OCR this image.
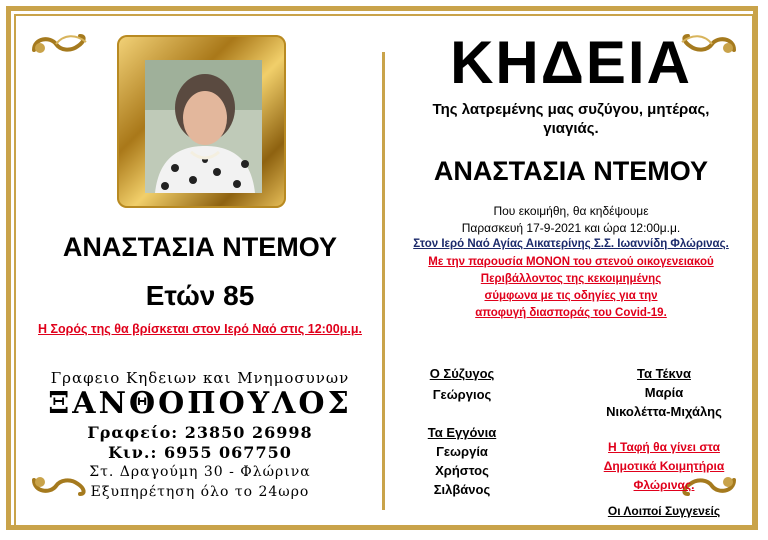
ΑΝΑΣΤΑΣΙΑ ΝΤΕΜΟΥ
Ετών 85
Η Σορός της θα βρίσκεται στον Ιερό Ναό στις 12:00μ.μ.
Γραφειο Κηδειων και Μνημοσυνων
ΞΑΝΘΟΠΟΥΛΟΣ
Γραφείο: 23850 26998
Κιν.: 6955 067750
Στ. Δραγούμη 30 - Φλώρινα
Εξυπηρέτηση όλο το 24ωρο
ΚΗΔΕΙΑ
Της λατρεμένης μας συζύγου, μητέρας,
γιαγιάς.
ΑΝΑΣΤΑΣΙΑ ΝΤΕΜΟΥ
Που εκοιμήθη, θα κηδέψουμε
Παρασκευή 17-9-2021 και ώρα 12:00μ.μ.
Στον Ιερό Ναό Αγίας Αικατερίνης Σ.Σ. Ιωαννίδη Φλώρινας.
Με την παρουσία ΜΟΝΟΝ του στενού οικογενειακού
Περιβάλλοντος της κεκοιμημένης
σύμφωνα με τις οδηγίες για την
αποφυγή διασποράς του Covid-19.
Ο Σύζυγος
Γεώργιος
Τα Εγγόνια
Γεωργία
Χρήστος
Σιλβάνος
Τα Τέκνα
Μαρία
Νικολέττα-Μιχάλης
Η Ταφή θα γίνει στα
Δημοτικά Κοιμητήρια
Φλώρινας.
Οι Λοιποί Συγγενείς
